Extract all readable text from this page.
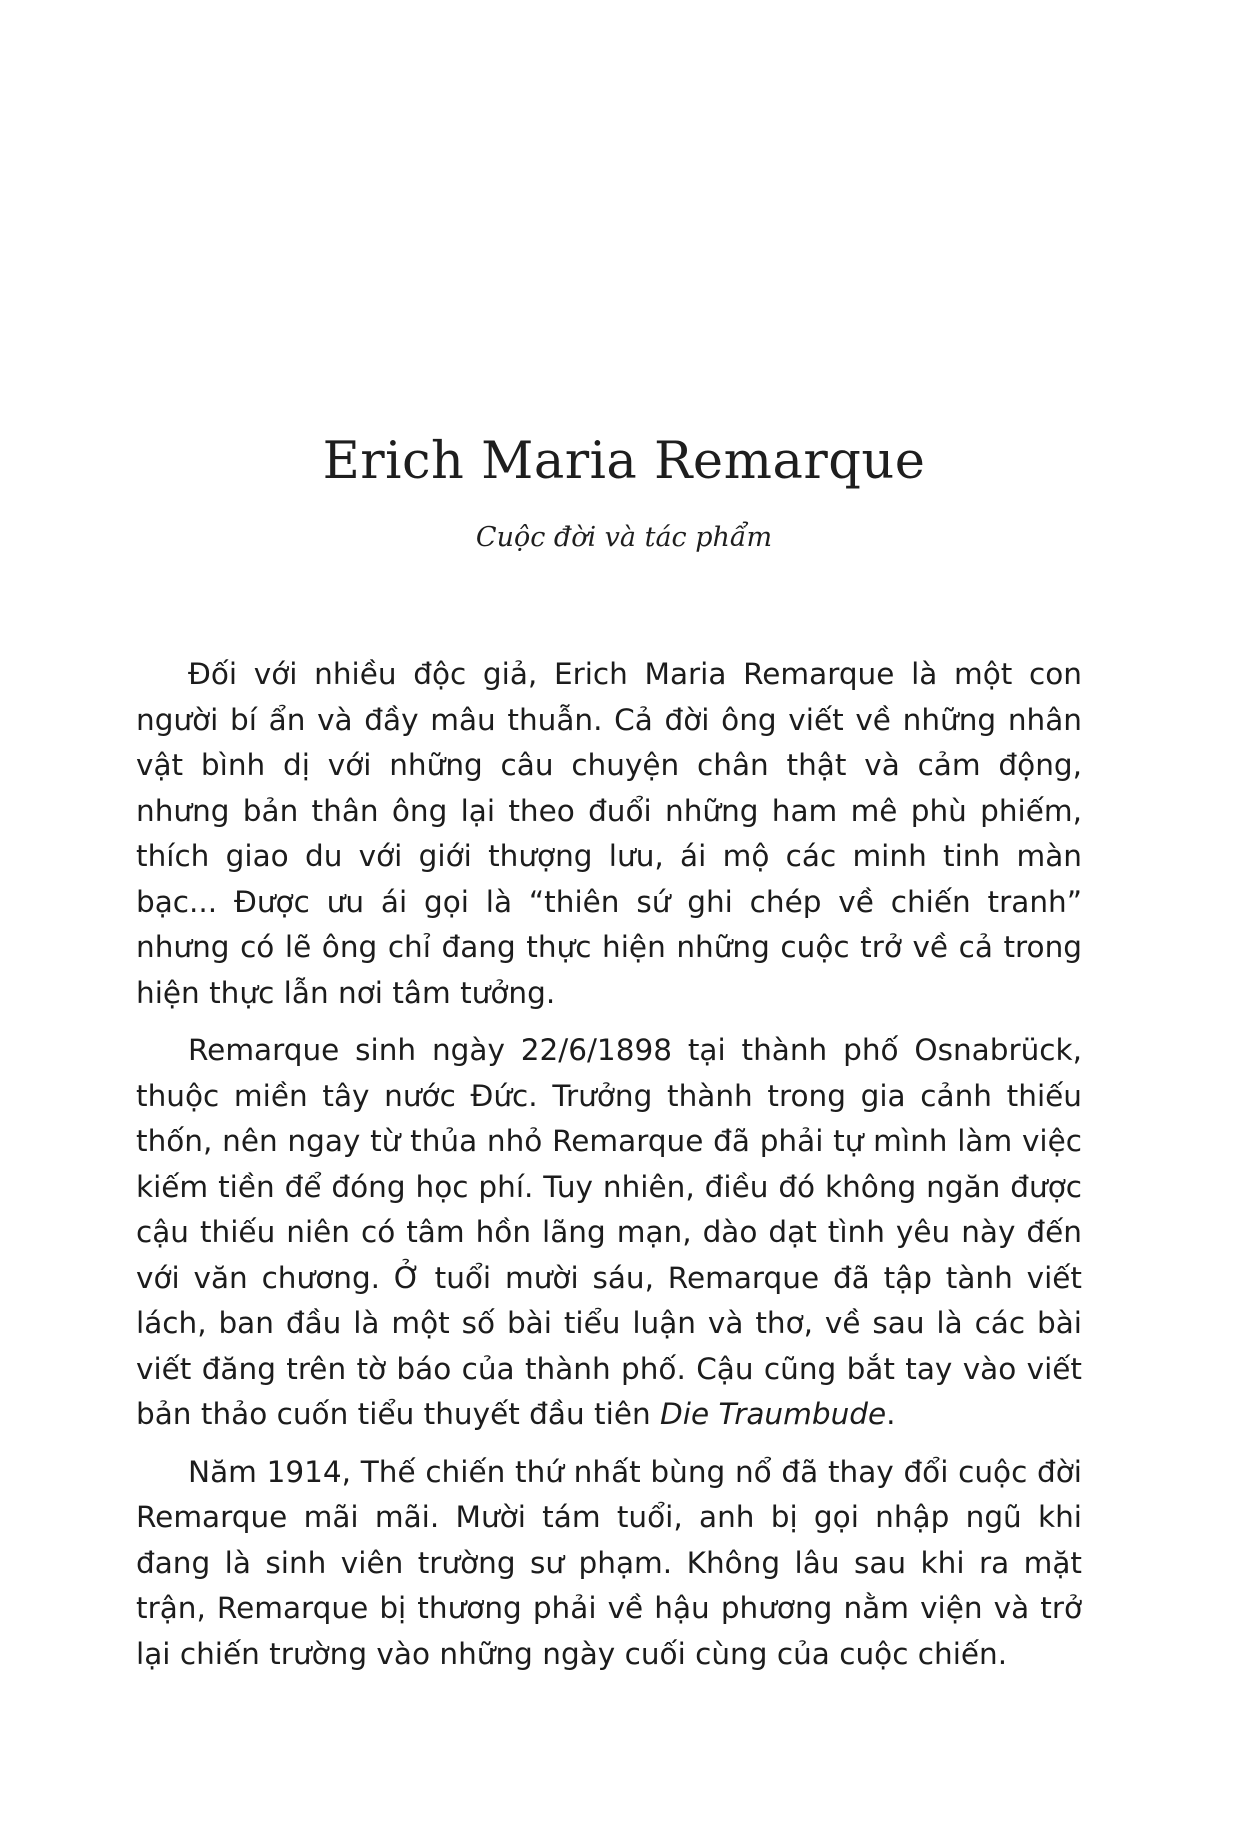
Erich Maria Remarque
Cuộc đời và tác phẩm

Đối với nhiều độc giả, Erich Maria Remarque là một con người bí ẩn và đầy mâu thuẫn. Cả đời ông viết về những nhân vật bình dị với những câu chuyện chân thật và cảm động, nhưng bản thân ông lại theo đuổi những ham mê phù phiếm, thích giao du với giới thượng lưu, ái mộ các minh tinh màn bạc... Được ưu ái gọi là “thiên sứ ghi chép về chiến tranh” nhưng có lẽ ông chỉ đang thực hiện những cuộc trở về cả trong hiện thực lẫn nơi tâm tưởng.

Remarque sinh ngày 22/6/1898 tại thành phố Osnabrück, thuộc miền tây nước Đức. Trưởng thành trong gia cảnh thiếu thốn, nên ngay từ thủa nhỏ Remarque đã phải tự mình làm việc kiếm tiền để đóng học phí. Tuy nhiên, điều đó không ngăn được cậu thiếu niên có tâm hồn lãng mạn, dào dạt tình yêu này đến với văn chương. Ở tuổi mười sáu, Remarque đã tập tành viết lách, ban đầu là một số bài tiểu luận và thơ, về sau là các bài viết đăng trên tờ báo của thành phố. Cậu cũng bắt tay vào viết bản thảo cuốn tiểu thuyết đầu tiên Die Traumbude.

Năm 1914, Thế chiến thứ nhất bùng nổ đã thay đổi cuộc đời Remarque mãi mãi. Mười tám tuổi, anh bị gọi nhập ngũ khi đang là sinh viên trường sư phạm. Không lâu sau khi ra mặt trận, Remarque bị thương phải về hậu phương nằm viện và trở lại chiến trường vào những ngày cuối cùng của cuộc chiến.
